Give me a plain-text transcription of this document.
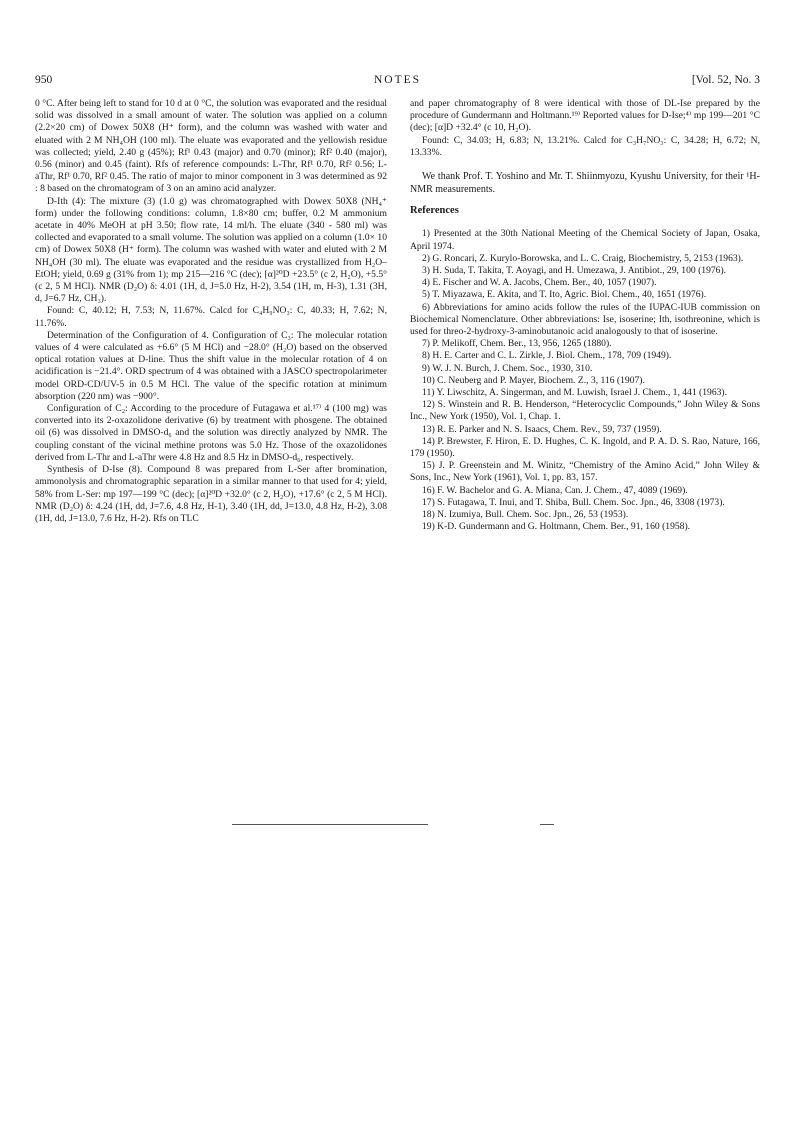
950	NOTES	[Vol. 52, No. 3

0 °C. After being left to stand for 10 d at 0 °C, the solution was evaporated and the residual solid was dissolved in a small amount of water. The solution was applied on a column (2.2×20 cm) of Dowex 50X8 (H⁺ form), and the column was washed with water and eluated with 2 M NH₄OH (100 ml). The eluate was evaporated and the yellowish residue was collected; yield, 2.40 g (45%); Rf¹ 0.43 (major) and 0.70 (minor); Rf² 0.40 (major), 0.56 (minor) and 0.45 (faint). Rfs of reference compounds: L-Thr, Rf¹ 0.70, Rf² 0.56; L-aThr, Rf¹ 0.70, Rf² 0.45. The ratio of major to minor component in 3 was determined as 92 : 8 based on the chromatogram of 3 on an amino acid analyzer.

D-Ith (4): The mixture (3) (1.0 g) was chromatographed with Dowex 50X8 (NH₄⁺ form) under the following conditions: column, 1.8×80 cm; buffer, 0.2 M ammonium acetate in 40% MeOH at pH 3.50; flow rate, 14 ml/h. The eluate (340 - 580 ml) was collected and evaporated to a small volume. The solution was applied on a column (1.0× 10 cm) of Dowex 50X8 (H⁺ form). The column was washed with water and eluted with 2 M NH₄OH (30 ml). The eluate was evaporated and the residue was crystallized from H₂O–EtOH; yield, 0.69 g (31% from 1); mp 215—216 °C (dec); [α]²⁰D +23.5° (c 2, H₂O), +5.5° (c 2, 5 M HCl). NMR (D₂O) δ: 4.01 (1H, d, J=5.0 Hz, H-2), 3.54 (1H, m, H-3), 1.31 (3H, d, J=6.7 Hz, CH₃).

Found: C, 40.12; H, 7.53; N, 11.67%. Calcd for C₄H₉NO₃: C, 40.33; H, 7.62; N, 11.76%.

Determination of the Configuration of 4. Configuration of C₃: The molecular rotation values of 4 were calculated as +6.6° (5 M HCl) and −28.0° (H₂O) based on the observed optical rotation values at D-line. Thus the shift value in the molecular rotation of 4 on acidification is −21.4°. ORD spectrum of 4 was obtained with a JASCO spectropolarimeter model ORD-CD/UV-5 in 0.5 M HCl. The value of the specific rotation at minimum absorption (220 nm) was −900°.

Configuration of C₂: According to the procedure of Futagawa et al.¹⁷⁾ 4 (100 mg) was converted into its 2-oxazolidone derivative (6) by treatment with phosgene. The obtained oil (6) was dissolved in DMSO-d₆ and the solution was directly analyzed by NMR. The coupling constant of the vicinal methine protons was 5.0 Hz. Those of the oxazolidones derived from L-Thr and L-aThr were 4.8 Hz and 8.5 Hz in DMSO-d₆, respectively.

Synthesis of D-Ise (8). Compound 8 was prepared from L-Ser after bromination, ammonolysis and chromatographic separation in a similar manner to that used for 4; yield, 58% from L-Ser: mp 197—199 °C (dec); [α]²⁰D +32.0° (c 2, H₂O), +17.6° (c 2, 5 M HCl). NMR (D₂O) δ: 4.24 (1H, dd, J=7.6, 4.8 Hz, H-1), 3.40 (1H, dd, J=13.0, 4.8 Hz, H-2), 3.08 (1H, dd, J=13.0, 7.6 Hz, H-2). Rfs on TLC

and paper chromatography of 8 were identical with those of DL-Ise prepared by the procedure of Gundermann and Holtmann.¹⁹⁾ Reported values for D-Ise;⁴⁾ mp 199—201 °C (dec); [α]D +32.4° (c 10, H₂O).

Found: C, 34.03; H, 6.83; N, 13.21%. Calcd for C₃H₇NO₃: C, 34.28; H, 6.72; N, 13.33%.

We thank Prof. T. Yoshino and Mr. T. Shiinmyozu, Kyushu University, for their ¹H-NMR measurements.

References

1) Presented at the 30th National Meeting of the Chemical Society of Japan, Osaka, April 1974.

2) G. Roncari, Z. Kurylo-Borowska, and L. C. Craig, Biochemistry, 5, 2153 (1963).

3) H. Suda, T. Takita, T. Aoyagi, and H. Umezawa, J. Antibiot., 29, 100 (1976).

4) E. Fischer and W. A. Jacobs, Chem. Ber., 40, 1057 (1907).

5) T. Miyazawa, E. Akita, and T. Ito, Agric. Biol. Chem., 40, 1651 (1976).

6) Abbreviations for amino acids follow the rules of the IUPAC-IUB commission on Biochemical Nomenclature. Other abbreviations: Ise, isoserine; Ith, isothreonine, which is used for threo-2-hydroxy-3-aminobutanoic acid analogously to that of isoserine.

7) P. Melikoff, Chem. Ber., 13, 956, 1265 (1880).

8) H. E. Carter and C. L. Zirkle, J. Biol. Chem., 178, 709 (1949).

9) W. J. N. Burch, J. Chem. Soc., 1930, 310.

10) C. Neuberg and P. Mayer, Biochem. Z., 3, 116 (1907).

11) Y. Liwschitz, A. Singerman, and M. Luwish, Israel J. Chem., 1, 441 (1963).

12) S. Winstein and R. B. Henderson, “Heterocyclic Compounds,” John Wiley & Sons Inc., New York (1950), Vol. 1, Chap. 1.

13) R. E. Parker and N. S. Isaacs, Chem. Rev., 59, 737 (1959).

14) P. Brewster, F. Hiron, E. D. Hughes, C. K. Ingold, and P. A. D. S. Rao, Nature, 166, 179 (1950).

15) J. P. Greenstein and M. Winitz, “Chemistry of the Amino Acid,” John Wiley & Sons, Inc., New York (1961), Vol. 1, pp. 83, 157.

16) F. W. Bachelor and G. A. Miana, Can. J. Chem., 47, 4089 (1969).

17) S. Futagawa, T. Inui, and T. Shiba, Bull. Chem. Soc. Jpn., 46, 3308 (1973).

18) N. Izumiya, Bull. Chem. Soc. Jpn., 26, 53 (1953).

19) K-D. Gundermann and G. Holtmann, Chem. Ber., 91, 160 (1958).
